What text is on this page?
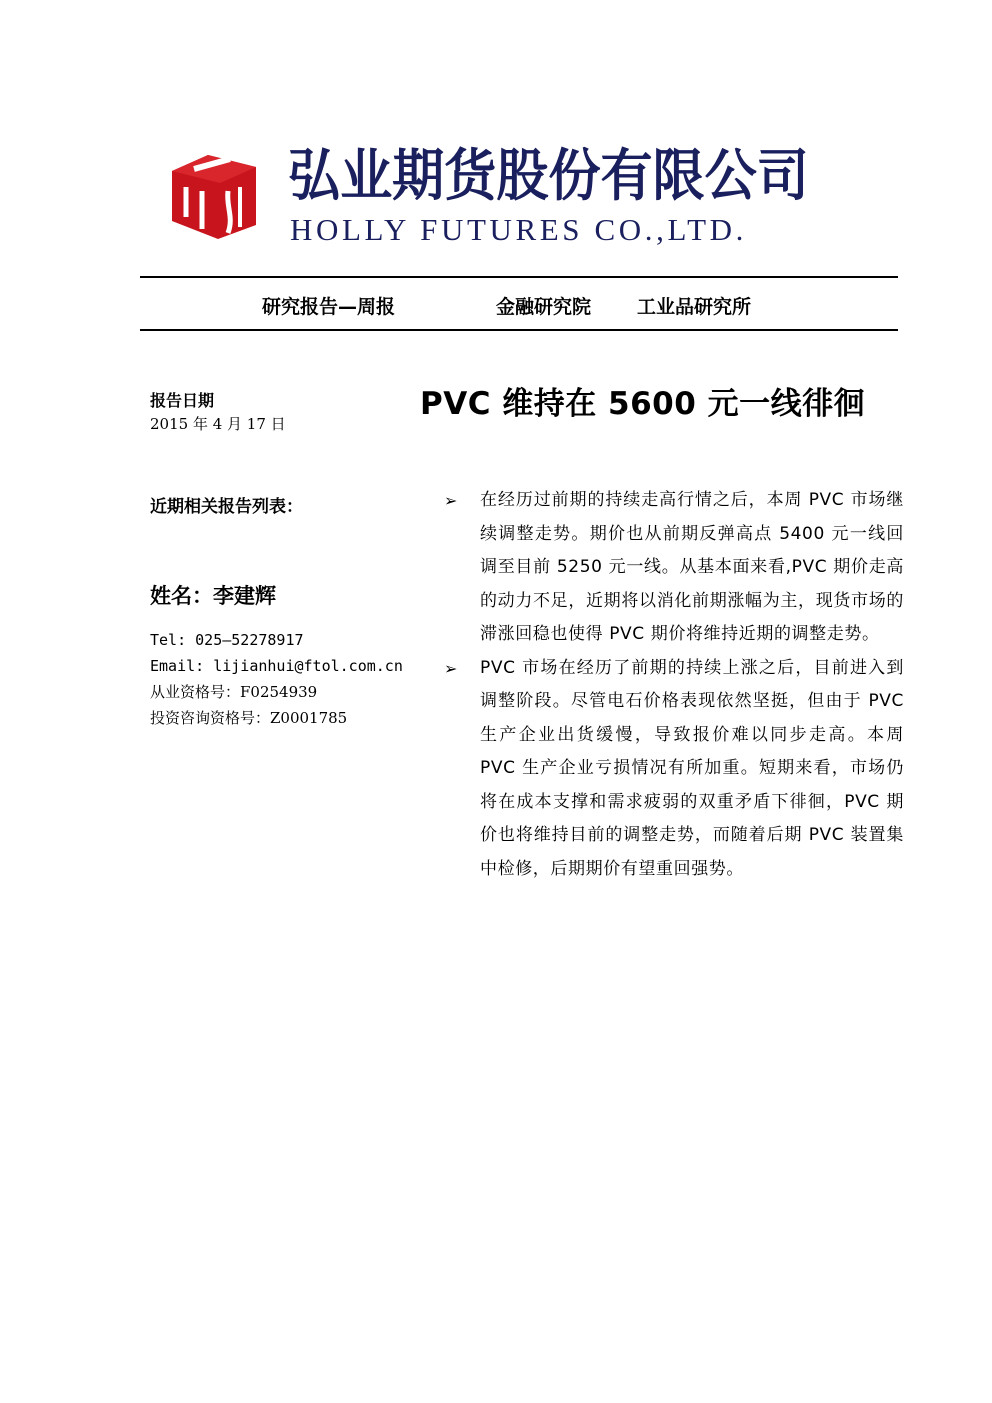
弘业期货股份有限公司
HOLLY FUTURES CO.,LTD.
研究报告—周报	金融研究院 工业品研究所
报告日期
2015 年 4 月 17 日
近期相关报告列表：
姓名：李建辉
Tel: 025—52278917
Email: lijianhui@ftol.com.cn
从业资格号：F0254939
投资咨询资格号：Z0001785
PVC 维持在 5600 元一线徘徊
➢ 在经历过前期的持续走高行情之后，本周 PVC 市场继续调整走势。期价也从前期反弹高点 5400 元一线回调至目前 5250 元一线。从基本面来看,PVC 期价走高的动力不足，近期将以消化前期涨幅为主，现货市场的滞涨回稳也使得 PVC 期价将维持近期的调整走势。
➢ PVC 市场在经历了前期的持续上涨之后，目前进入到调整阶段。尽管电石价格表现依然坚挺，但由于 PVC 生产企业出货缓慢，导致报价难以同步走高。本周 PVC 生产企业亏损情况有所加重。短期来看，市场仍将在成本支撑和需求疲弱的双重矛盾下徘徊，PVC 期价也将维持目前的调整走势，而随着后期 PVC 装置集中检修，后期期价有望重回强势。
